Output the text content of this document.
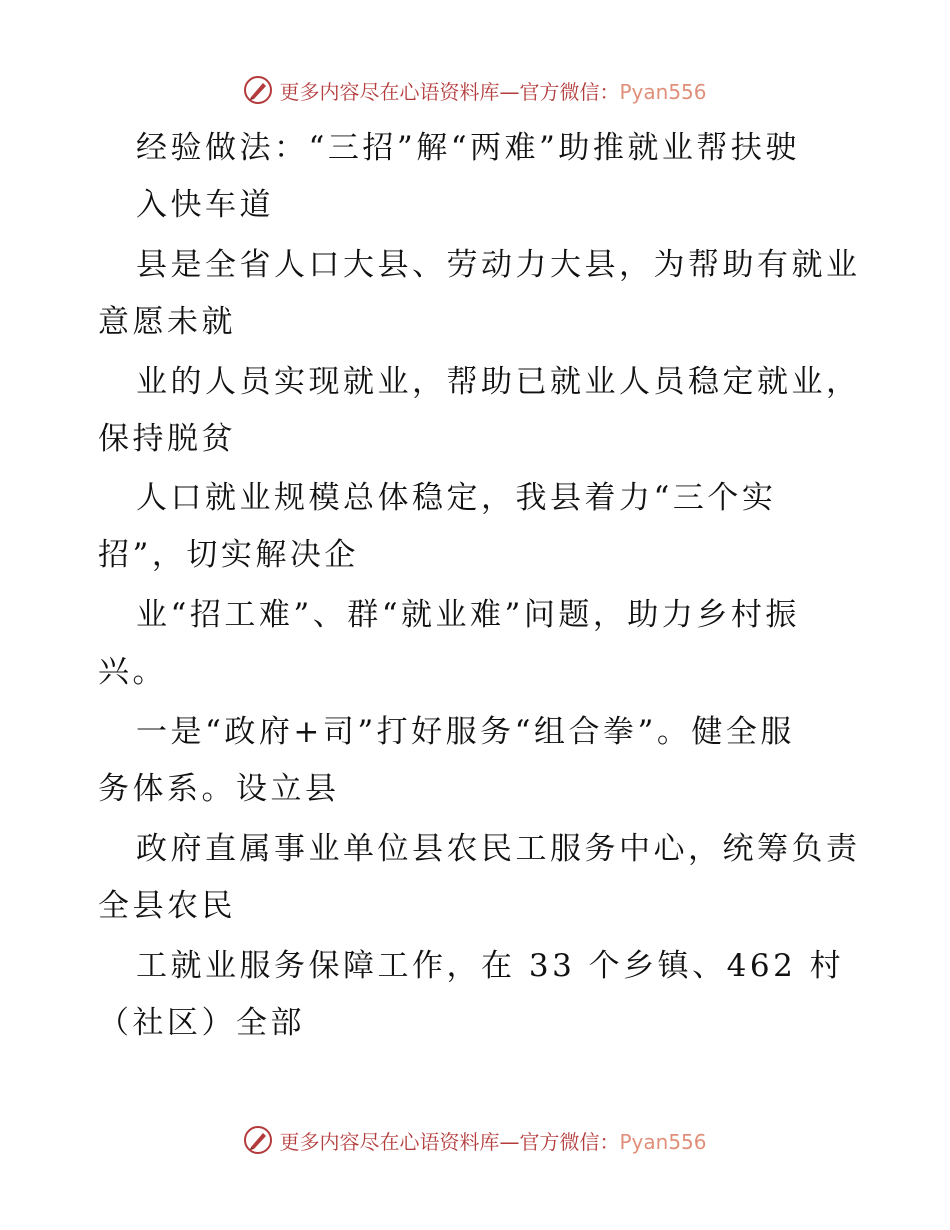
更多内容尽在心语资料库—官方微信：Pyan556
经验做法：“三招”解“两难”助推就业帮扶驶
入快车道
县是全省人口大县、劳动力大县，为帮助有就业
意愿未就
业的人员实现就业，帮助已就业人员稳定就业，
保持脱贫
人口就业规模总体稳定，我县着力“三个实
招”，切实解决企
业“招工难”、群“就业难”问题，助力乡村振
兴。
一是“政府+司”打好服务“组合拳”。健全服
务体系。设立县
政府直属事业单位县农民工服务中心，统筹负责
全县农民
工就业服务保障工作，在 33 个乡镇、462 村
（社区）全部
更多内容尽在心语资料库—官方微信：Pyan556
